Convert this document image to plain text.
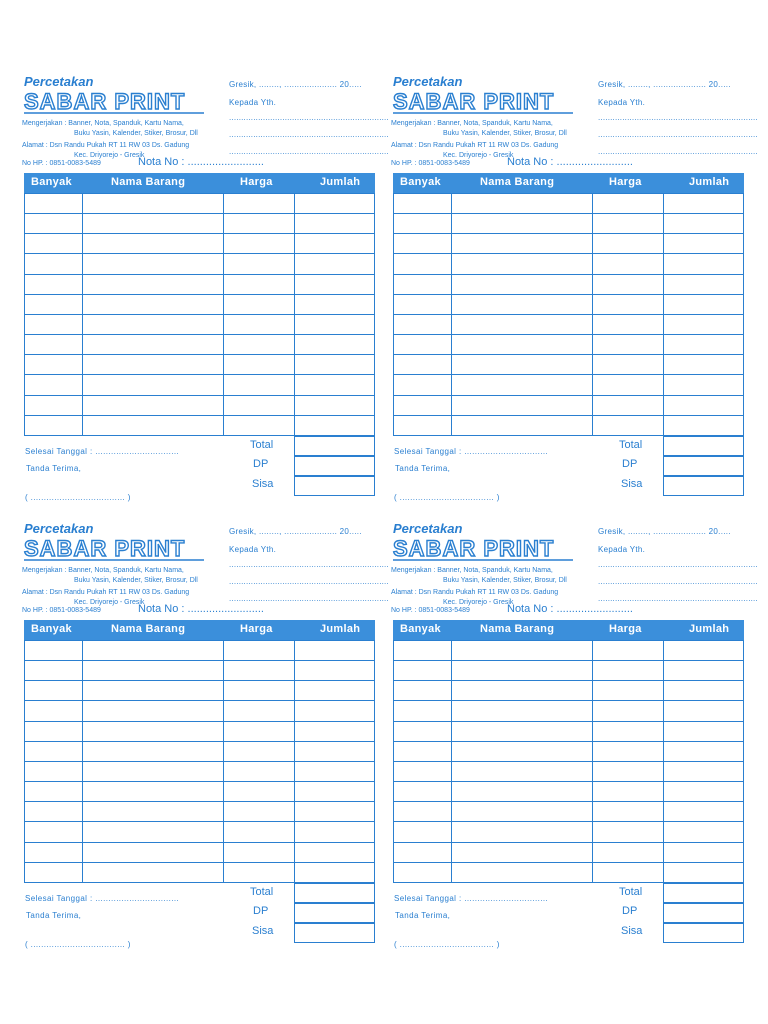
Percetakan
SABAR PRINT
Mengerjakan : Banner, Nota, Spanduk, Kartu Nama,
Buku Yasin, Kalender, Stiker, Brosur, Dll
Alamat : Dsn Randu Pukah RT 11 RW 03 Ds. Gadung
Kec. Driyorejo - Gresik
No HP. : 0851-0083-5489	Nota No : .........................
Gresik, ........, ..................... 20.....
Kepada Yth.
..................................................................
..................................................................
..................................................................
Banyak	Nama Barang	Harga	Jumlah
Selesai Tanggal : ................................
Tanda Terima,
( .................................... )
Total
DP
Sisa
Percetakan
SABAR PRINT
Mengerjakan : Banner, Nota, Spanduk, Kartu Nama,
Buku Yasin, Kalender, Stiker, Brosur, Dll
Alamat : Dsn Randu Pukah RT 11 RW 03 Ds. Gadung
Kec. Driyorejo - Gresik
No HP. : 0851-0083-5489	Nota No : .........................
Gresik, ........, ..................... 20.....
Kepada Yth.
..................................................................
..................................................................
..................................................................
Banyak	Nama Barang	Harga	Jumlah
Selesai Tanggal : ................................
Tanda Terima,
( .................................... )
Total
DP
Sisa
Percetakan
SABAR PRINT
Mengerjakan : Banner, Nota, Spanduk, Kartu Nama,
Buku Yasin, Kalender, Stiker, Brosur, Dll
Alamat : Dsn Randu Pukah RT 11 RW 03 Ds. Gadung
Kec. Driyorejo - Gresik
No HP. : 0851-0083-5489	Nota No : .........................
Gresik, ........, ..................... 20.....
Kepada Yth.
..................................................................
..................................................................
..................................................................
Banyak	Nama Barang	Harga	Jumlah
Selesai Tanggal : ................................
Tanda Terima,
( .................................... )
Total
DP
Sisa
Percetakan
SABAR PRINT
Mengerjakan : Banner, Nota, Spanduk, Kartu Nama,
Buku Yasin, Kalender, Stiker, Brosur, Dll
Alamat : Dsn Randu Pukah RT 11 RW 03 Ds. Gadung
Kec. Driyorejo - Gresik
No HP. : 0851-0083-5489	Nota No : .........................
Gresik, ........, ..................... 20.....
Kepada Yth.
..................................................................
..................................................................
..................................................................
Banyak	Nama Barang	Harga	Jumlah
Selesai Tanggal : ................................
Tanda Terima,
( .................................... )
Total
DP
Sisa
